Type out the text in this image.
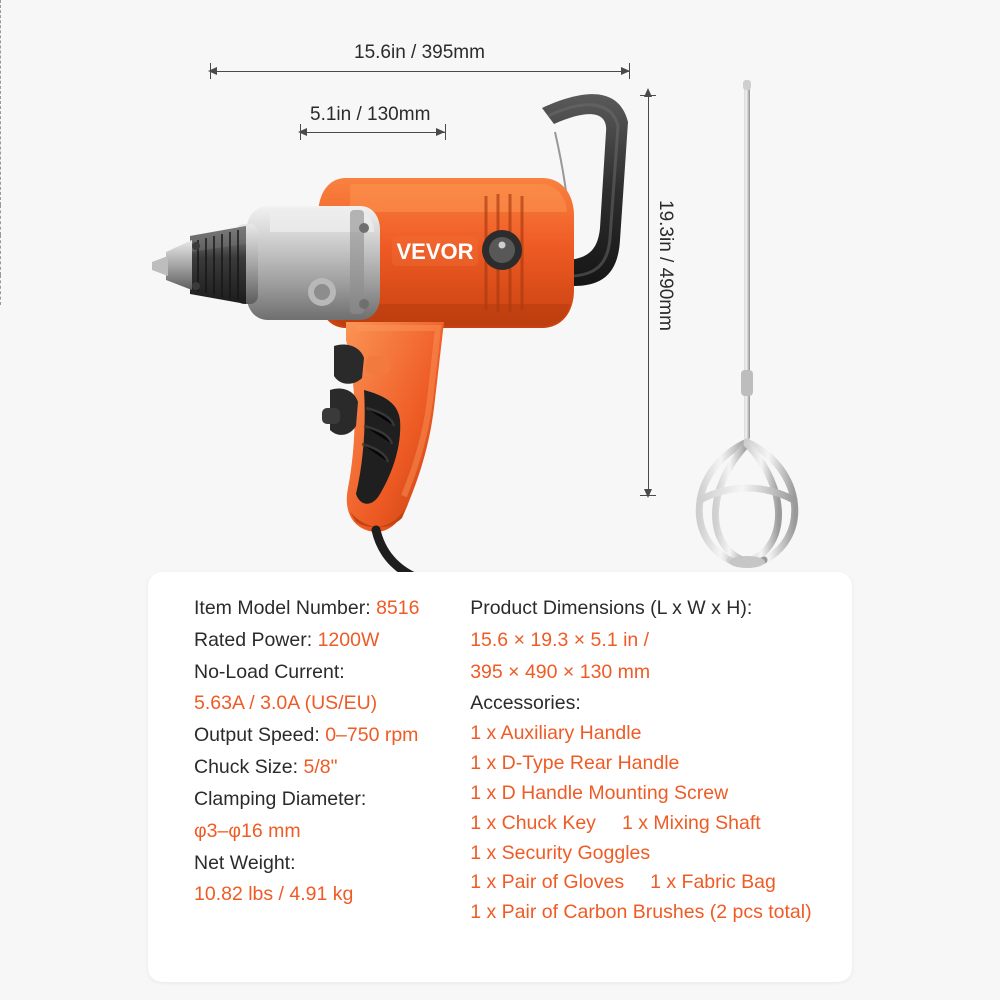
15.6in / 395mm
5.1in / 130mm
19.3in / 490mm
VEVOR
Item Model Number: 8516
Rated Power: 1200W
No-Load Current:
5.63A / 3.0A (US/EU)
Output Speed: 0–750 rpm
Chuck Size: 5/8"
Clamping Diameter:
φ3–φ16 mm
Net Weight:
10.82 lbs / 4.91 kg
Product Dimensions (L x W x H):
15.6 × 19.3 × 5.1 in /
395 × 490 × 130 mm
Accessories:
1 x Auxiliary Handle
1 x D-Type Rear Handle
1 x D Handle Mounting Screw
1 x Chuck Key 1 x Mixing Shaft
1 x Security Goggles
1 x Pair of Gloves 1 x Fabric Bag
1 x Pair of Carbon Brushes (2 pcs total)
